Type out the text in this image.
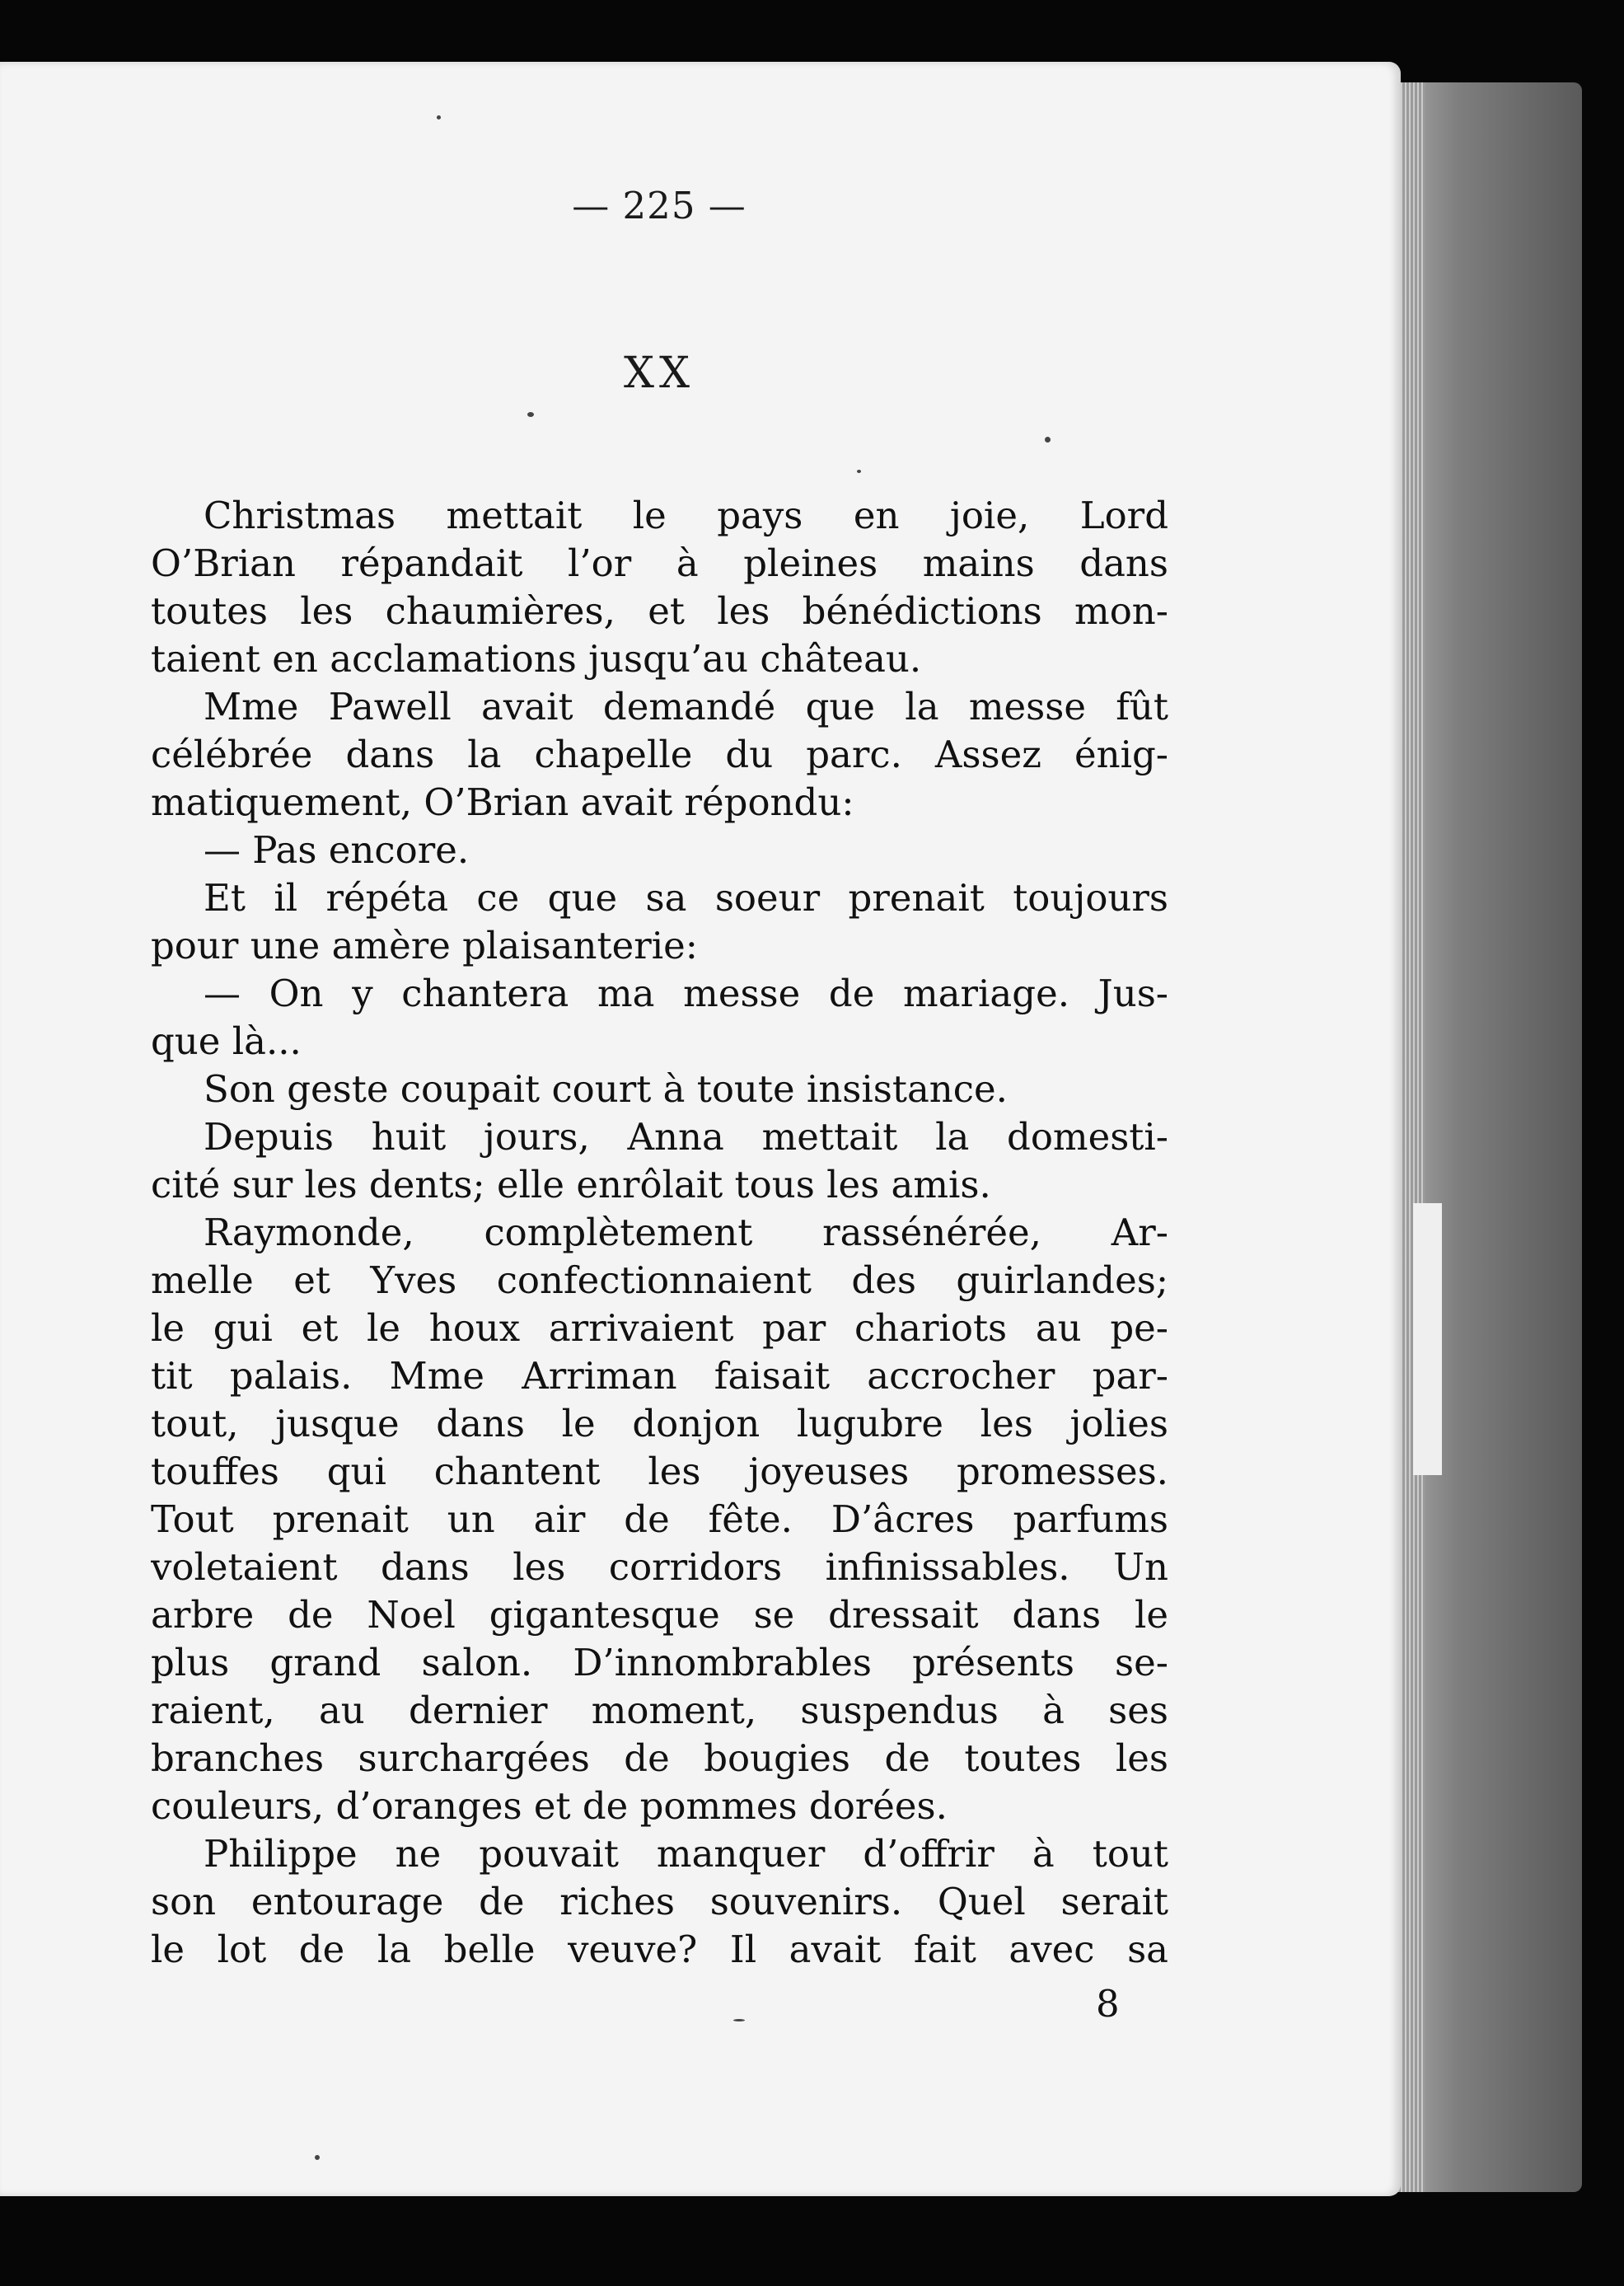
— 225 —
XX
Christmas mettait le pays en joie, Lord
O’Brian répandait l’or à pleines mains dans
toutes les chaumières, et les bénédictions mon-
taient en acclamations jusqu’au château.
Mme Pawell avait demandé que la messe fût
célébrée dans la chapelle du parc. Assez énig-
matiquement, O’Brian avait répondu:
— Pas encore.
Et il répéta ce que sa soeur prenait toujours
pour une amère plaisanterie:
— On y chantera ma messe de mariage. Jus-
que là...
Son geste coupait court à toute insistance.
Depuis huit jours, Anna mettait la domesti-
cité sur les dents; elle enrôlait tous les amis.
Raymonde, complètement rassénérée, Ar-
melle et Yves confectionnaient des guirlandes;
le gui et le houx arrivaient par chariots au pe-
tit palais. Mme Arriman faisait accrocher par-
tout, jusque dans le donjon lugubre les jolies
touffes qui chantent les joyeuses promesses.
Tout prenait un air de fête. D’âcres parfums
voletaient dans les corridors infinissables. Un
arbre de Noel gigantesque se dressait dans le
plus grand salon. D’innombrables présents se-
raient, au dernier moment, suspendus à ses
branches surchargées de bougies de toutes les
couleurs, d’oranges et de pommes dorées.
Philippe ne pouvait manquer d’offrir à tout
son entourage de riches souvenirs. Quel serait
le lot de la belle veuve? Il avait fait avec sa
8
